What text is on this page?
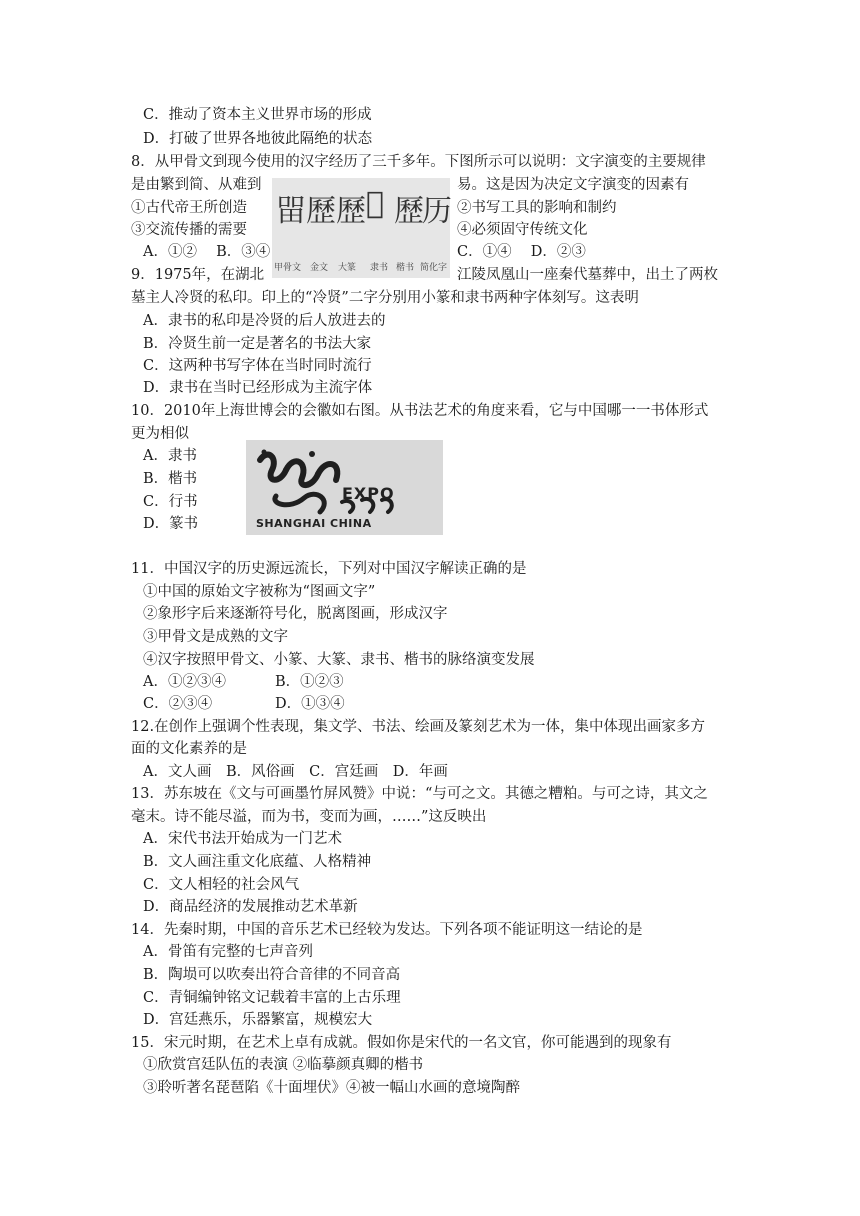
C．推动了资本主义世界市场的形成
D．打破了世界各地彼此隔绝的状态
8．从甲骨文到现今使用的汉字经历了三千多年。下图所示可以说明：文字演变的主要规律
是由繁到简、从难到	易。这是因为决定文字演变的因素有
①古代帝王所创造	②书写工具的影响和制约
③交流传播的需要	④必须固守传统文化
A．①②　 B．③④	C．①④　 D．②③
㽞 歷 歷 𢉎 歷
历
甲骨文 金文 大篆 隶书 楷书 简化字
9．1975年，在湖北	江陵凤凰山一座秦代墓葬中，出土了两枚
墓主人冷贤的私印。印上的“冷贤”二字分别用小篆和隶书两种字体刻写。这表明
A．隶书的私印是冷贤的后人放进去的
B．冷贤生前一定是著名的书法大家
C．这两种书写字体在当时同时流行
D．隶书在当时已经形成为主流字体
10．2010年上海世博会的会徽如右图。从书法艺术的角度来看，它与中国哪一一书体形式
更为相似
A．隶书
B．楷书
C．行书
D．篆书
EXPO
SHANGHAI CHINA
11．中国汉字的历史源远流长，下列对中国汉字解读正确的是
①中国的原始文字被称为“图画文字”
②象形字后来逐渐符号化，脱离图画，形成汉字
③甲骨文是成熟的文字
④汉字按照甲骨文、小篆、大篆、隶书、楷书的脉络演变发展
A．①②③④	B．①②③
C．②③④	D．①③④
12.在创作上强调个性表现，集文学、书法、绘画及篆刻艺术为一体，集中体现出画家多方
面的文化素养的是
A．文人画　B．风俗画　C．宫廷画　D．年画
13．苏东坡在《文与可画墨竹屏风赞》中说：“与可之文。其德之糟粕。与可之诗，其文之
毫末。诗不能尽溢，而为书，变而为画，……”这反映出
A．宋代书法开始成为一门艺术
B．文人画注重文化底蕴、人格精神
C．文人相轻的社会风气
D．商品经济的发展推动艺术革新
14．先秦时期，中国的音乐艺术已经较为发达。下列各项不能证明这一结论的是
A．骨笛有完整的七声音列
B．陶埙可以吹奏出符合音律的不同音高
C．青铜编钟铭文记载着丰富的上古乐理
D．宫廷燕乐，乐器繁富，规模宏大
15．宋元时期，在艺术上卓有成就。假如你是宋代的一名文官，你可能遇到的现象有
①欣赏宫廷队伍的表演 ②临摹颜真卿的楷书
③聆听著名琵琶陷《十面埋伏》④被一幅山水画的意境陶醉
